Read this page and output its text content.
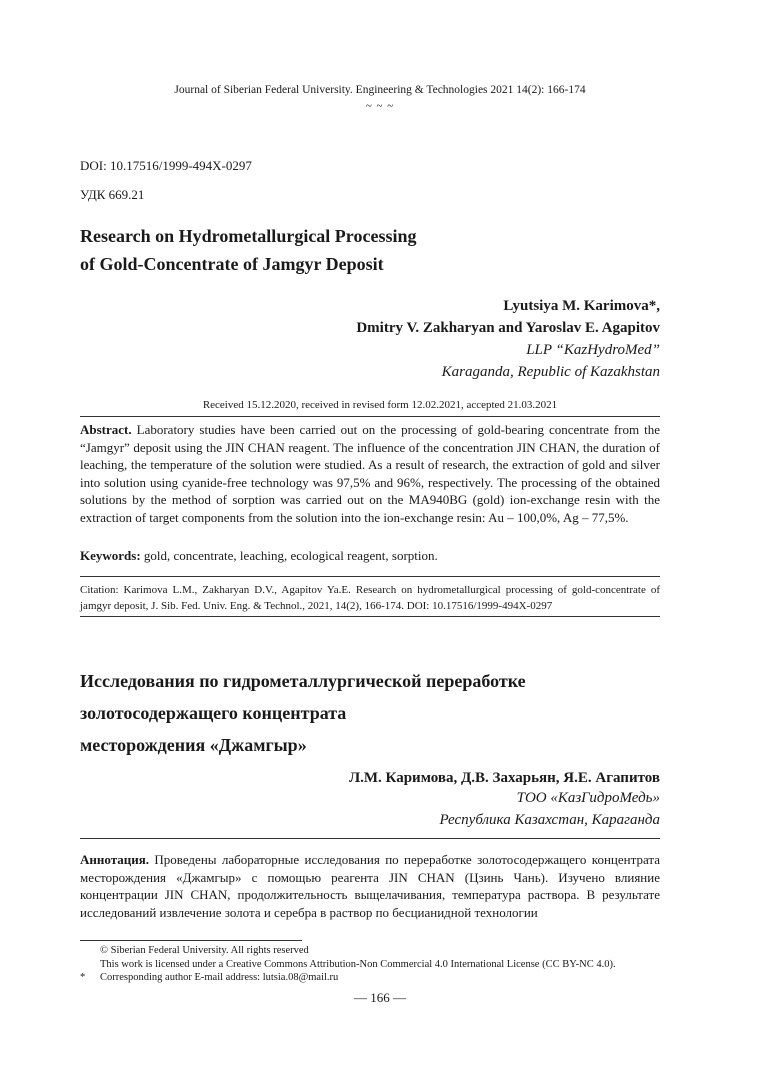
Journal of Siberian Federal University. Engineering & Technologies 2021 14(2): 166-174
~ ~ ~
DOI: 10.17516/1999-494X-0297
УДК 669.21
Research on Hydrometallurgical Processing
of Gold-Concentrate of Jamgyr Deposit
Lyutsiya M. Karimova*,
Dmitry V. Zakharyan and Yaroslav E. Agapitov
LLP “KazHydroMed”
Karaganda, Republic of Kazakhstan
Received 15.12.2020, received in revised form 12.02.2021, accepted 21.03.2021

Abstract. Laboratory studies have been carried out on the processing of gold-bearing concentrate from the “Jamgyr” deposit using the JIN CHAN reagent. The influence of the concentration JIN CHAN, the duration of leaching, the temperature of the solution were studied. As a result of research, the extraction of gold and silver into solution using cyanide-free technology was 97,5% and 96%, respectively. The processing of the obtained solutions by the method of sorption was carried out on the MA940BG (gold) ion-exchange resin with the extraction of target components from the solution into the ion-exchange resin: Au – 100,0%, Ag – 77,5%.

Keywords: gold, concentrate, leaching, ecological reagent, sorption.

Citation: Karimova L.M., Zakharyan D.V., Agapitov Ya.E. Research on hydrometallurgical processing of gold-concentrate of jamgyr deposit, J. Sib. Fed. Univ. Eng. & Technol., 2021, 14(2), 166-174. DOI: 10.17516/1999-494X-0297

Исследования по гидрометаллургической переработке
золотосодержащего концентрата
месторождения «Джамгыр»
Л.М. Каримова, Д.В. Захарьян, Я.Е. Агапитов
ТОО «КазГидроМедь»
Республика Казахстан, Караганда

Аннотация. Проведены лабораторные исследования по переработке золотосодержащего концентрата месторождения «Джамгыр» с помощью реагента JIN CHAN (Цзинь Чань). Изучено влияние концентрации JIN CHAN, продолжительность выщелачивания, температура раствора. В результате исследований извлечение золота и серебра в раствор по бесцианидной технологии

© Siberian Federal University. All rights reserved
This work is licensed under a Creative Commons Attribution-Non Commercial 4.0 International License (CC BY-NC 4.0).
* Corresponding author E-mail address: lutsia.08@mail.ru
— 166 —
